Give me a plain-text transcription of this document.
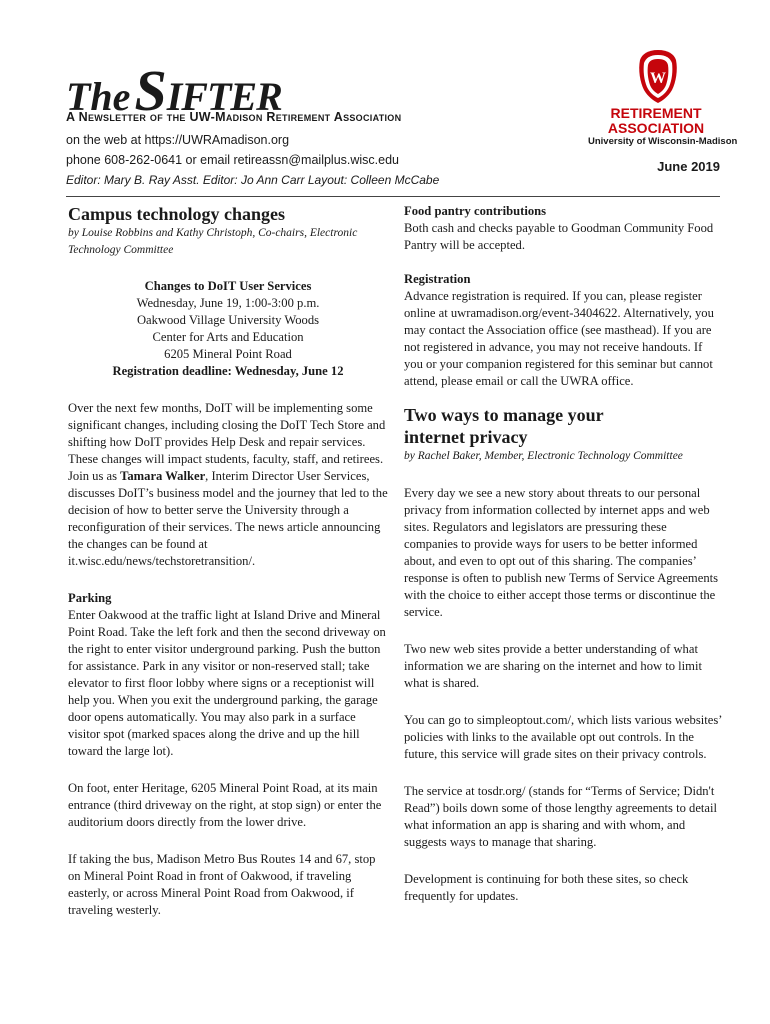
The SIFTER
A Newsletter of the UW-Madison Retirement Association
on the web at https://UWRAmadison.org
phone 608-262-0641 or email retireassn@mailplus.wisc.edu
Editor: Mary B. Ray Asst. Editor: Jo Ann Carr Layout: Colleen McCabe
W
RETIREMENT
ASSOCIATION
University of Wisconsin-Madison
June 2019
Campus technology changes

by Louise Robbins and Kathy Christoph, Co-chairs, Electronic Technology Committee

Changes to DoIT User Services
Wednesday, June 19, 1:00-3:00 p.m.
Oakwood Village University Woods
Center for Arts and Education
6205 Mineral Point Road
Registration deadline: Wednesday, June 12

Over the next few months, DoIT will be implementing some significant changes, including closing the DoIT Tech Store and shifting how DoIT provides Help Desk and repair services. These changes will impact students, faculty, staff, and retirees. Join us as Tamara Walker, Interim Director User Services, discusses DoIT’s business model and the journey that led to the decision of how to better serve the University through a reconfiguration of their services. The news article announcing the changes can be found at it.wisc.edu/news/techstoretransition/.

Parking

Enter Oakwood at the traffic light at Island Drive and Mineral Point Road. Take the left fork and then the second driveway on the right to enter visitor underground parking. Push the button for assistance. Park in any visitor or non-reserved stall; take elevator to first floor lobby where signs or a receptionist will help you. When you exit the underground parking, the garage door opens automatically. You may also park in a surface visitor spot (marked spaces along the drive and up the hill toward the large lot).

On foot, enter Heritage, 6205 Mineral Point Road, at its main entrance (third driveway on the right, at stop sign) or enter the auditorium doors directly from the lower drive.

If taking the bus, Madison Metro Bus Routes 14 and 67, stop on Mineral Point Road in front of Oakwood, if traveling easterly, or across Mineral Point Road from Oakwood, if traveling westerly.

Food pantry contributions

Both cash and checks payable to Goodman Community Food Pantry will be accepted.

Registration

Advance registration is required. If you can, please register online at uwramadison.org/event-3404622. Alternatively, you may contact the Association office (see masthead). If you are not registered in advance, you may not receive handouts. If you or your companion registered for this seminar but cannot attend, please email or call the UWRA office.

Two ways to manage your internet privacy

by Rachel Baker, Member, Electronic Technology Committee

Every day we see a new story about threats to our personal privacy from information collected by internet apps and web sites. Regulators and legislators are pressuring these companies to provide ways for users to be better informed about, and even to opt out of this sharing. The companies’ response is often to publish new Terms of Service Agreements with the choice to either accept those terms or discontinue the service.

Two new web sites provide a better understanding of what information we are sharing on the internet and how to limit what is shared.

You can go to simpleoptout.com/, which lists various websites’ policies with links to the available opt out controls. In the future, this service will grade sites on their privacy controls.

The service at tosdr.org/ (stands for “Terms of Service; Didn't Read”) boils down some of those lengthy agreements to detail what information an app is sharing and with whom, and suggests ways to manage that sharing.

Development is continuing for both these sites, so check frequently for updates.
